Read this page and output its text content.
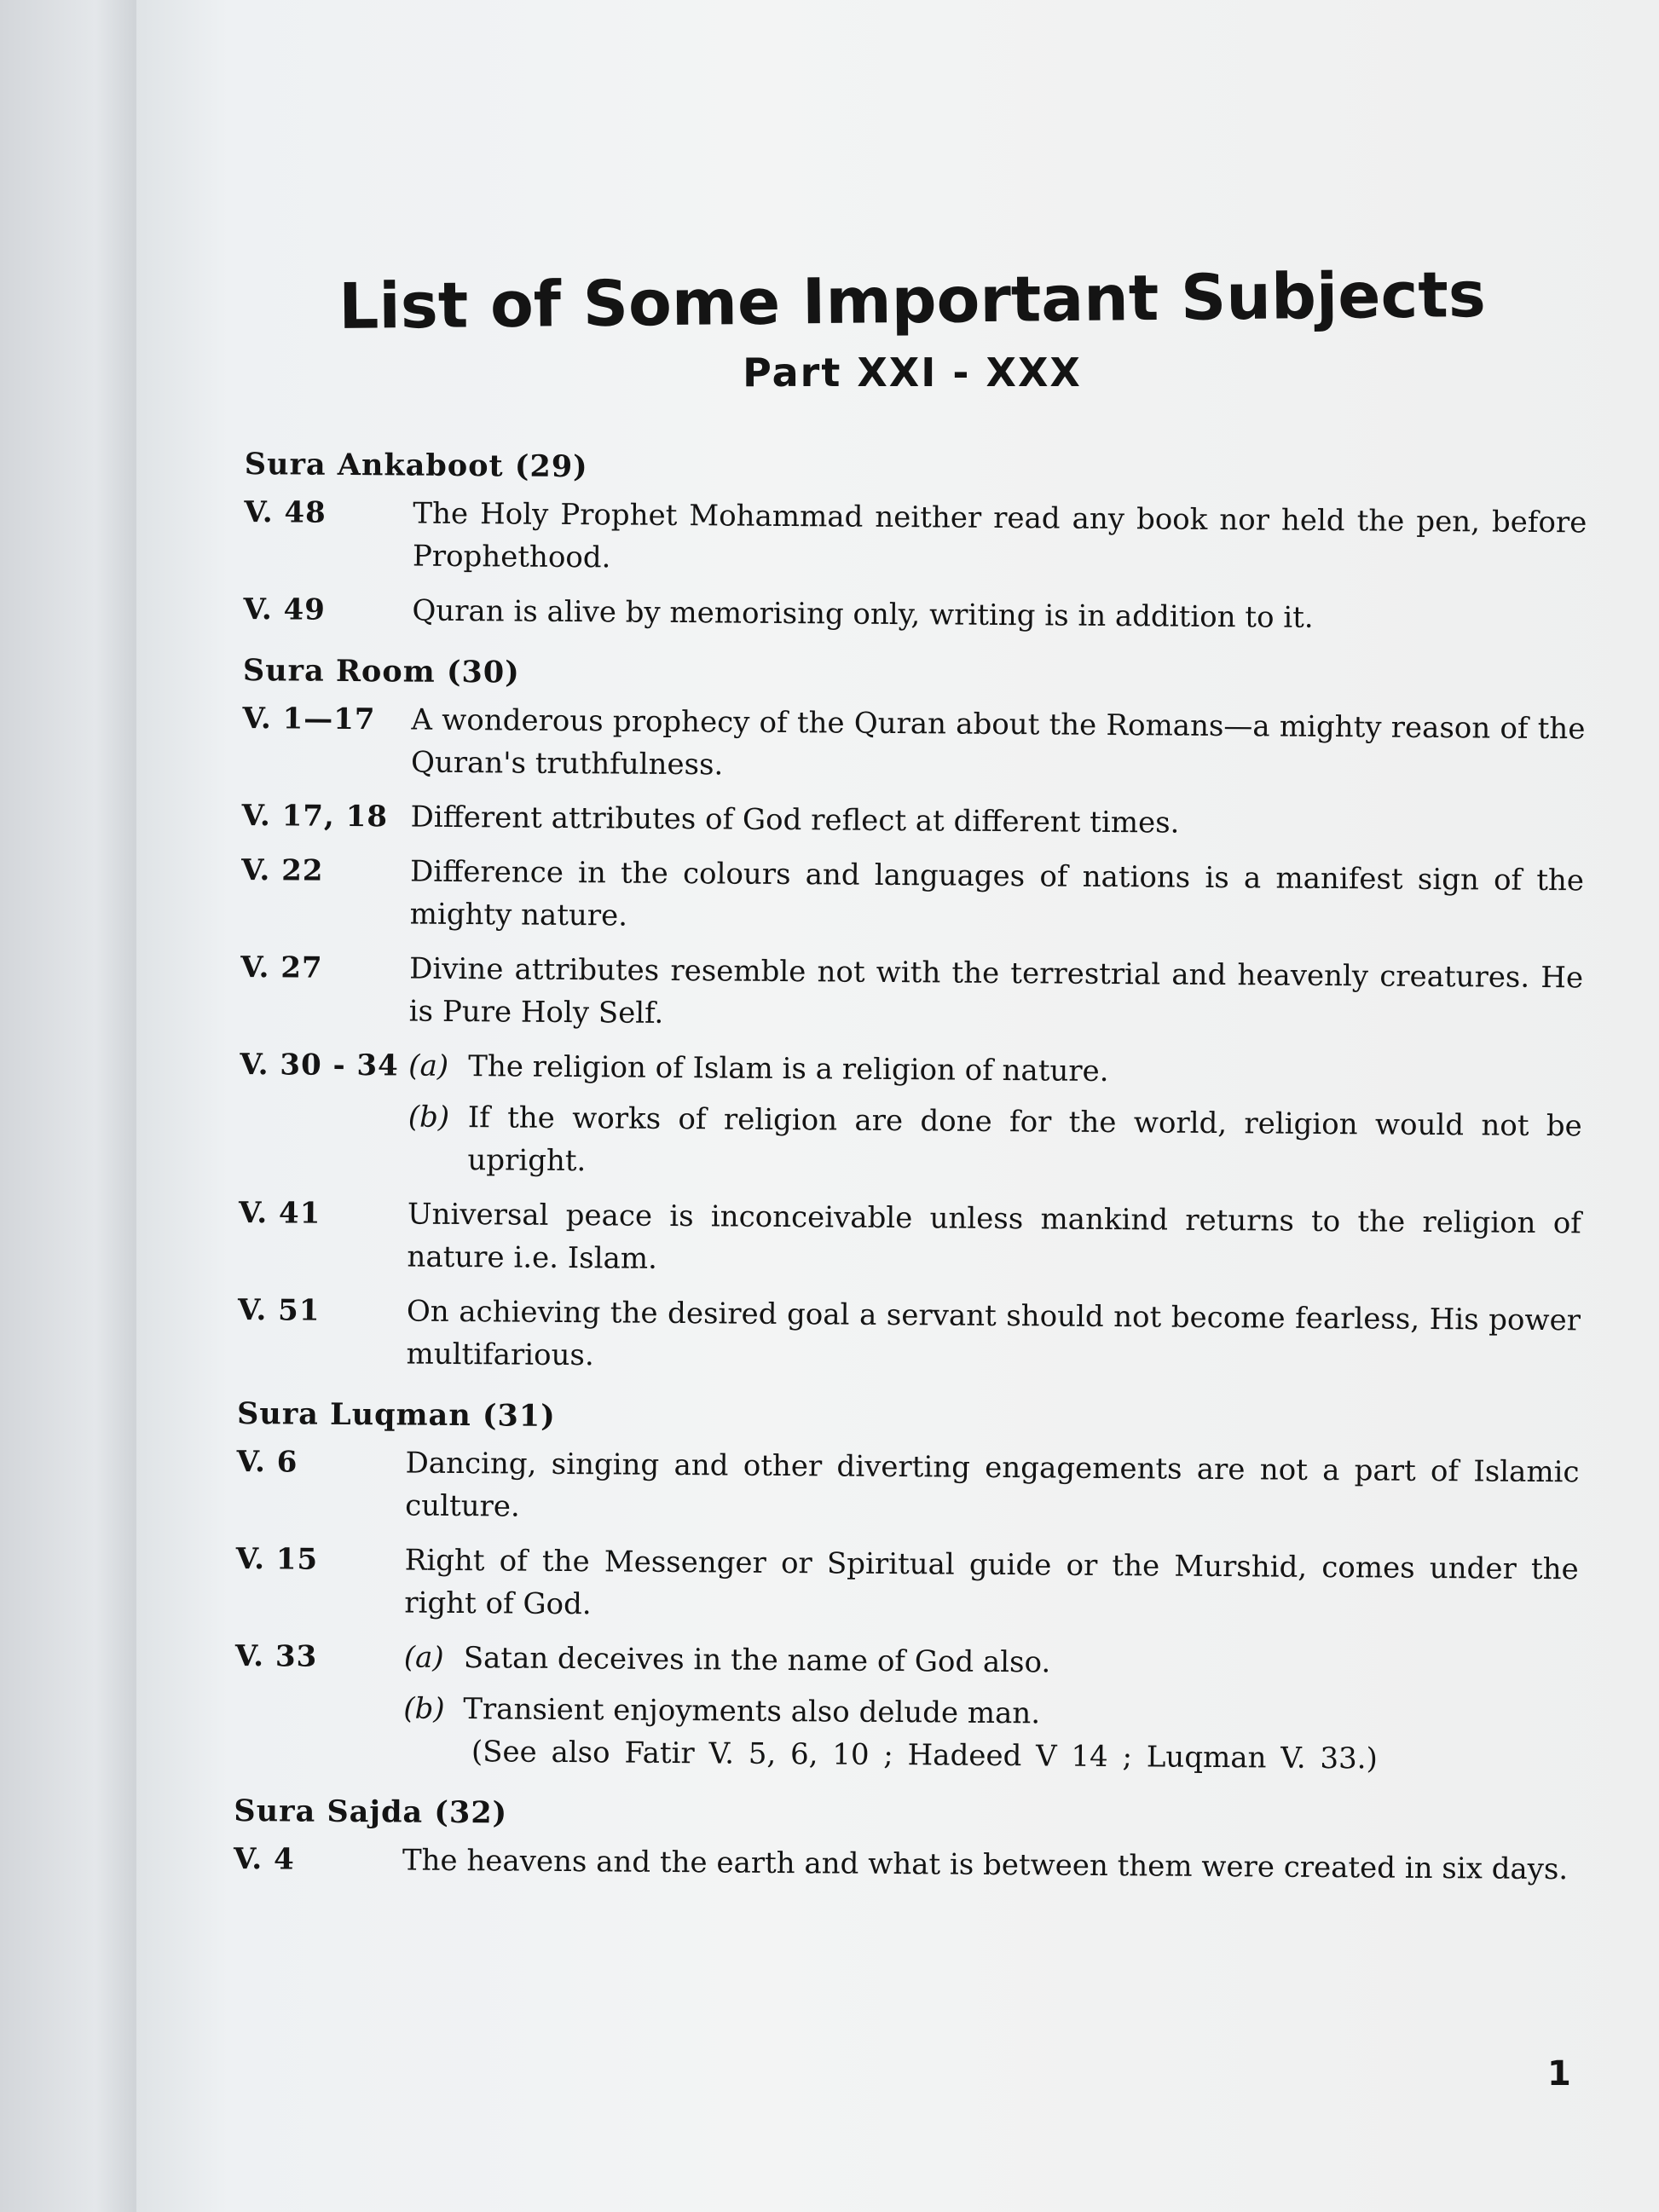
List of Some Important Subjects
Part XXI - XXX
Sura Ankaboot (29)
V. 48	The Holy Prophet Mohammad neither read any book nor held the pen, before Prophethood.
V. 49	Quran is alive by memorising only, writing is in addition to it.
Sura Room (30)
V. 1—17	A wonderous prophecy of the Quran about the Romans—a mighty reason of the Quran's truthfulness.
V. 17, 18 Different attributes of God reflect at different times.
V. 22	Difference in the colours and languages of nations is a manifest sign of the mighty nature.
V. 27	Divine attributes resemble not with the terrestrial and heavenly creatures. He is Pure Holy Self.
V. 30 - 34 (a) The religion of Islam is a religion of nature.
(b) If the works of religion are done for the world, religion would not be upright.
V. 41	Universal peace is inconceivable unless mankind returns to the religion of nature i.e. Islam.
V. 51	On achieving the desired goal a servant should not become fearless, His power multifarious.
Sura Luqman (31)
V. 6	Dancing, singing and other diverting engagements are not a part of Islamic culture.
V. 15	Right of the Messenger or Spiritual guide or the Murshid, comes under the right of God.
V. 33	(a) Satan deceives in the name of God also.
(b) Transient enjoyments also delude man.
(See also Fatir V. 5, 6, 10 ; Hadeed V 14 ; Luqman V. 33.)
Sura Sajda (32)
V. 4	The heavens and the earth and what is between them were created in six days.
1
